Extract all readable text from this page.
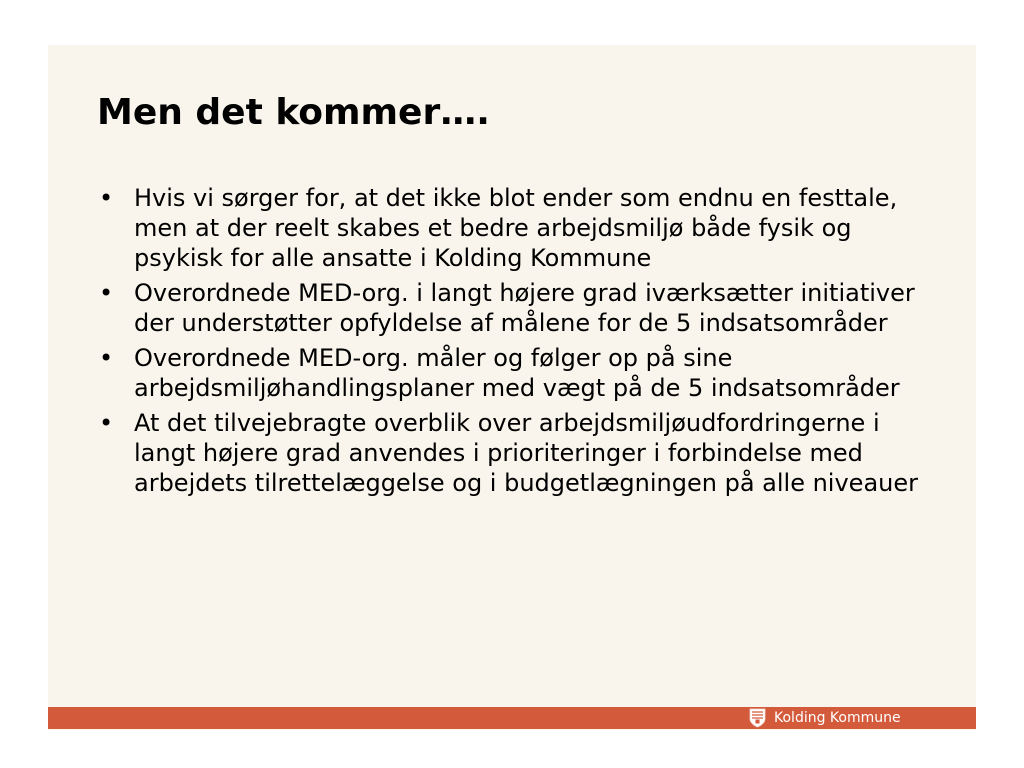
Men det kommer….
• Hvis vi sørger for, at det ikke blot ender som endnu en festtale, men at der reelt skabes et bedre arbejdsmiljø både fysik og psykisk for alle ansatte i Kolding Kommune
• Overordnede MED-org. i langt højere grad iværksætter initiativer der understøtter opfyldelse af målene for de 5 indsatsområder
• Overordnede MED-org. måler og følger op på sine arbejdsmiljøhandlingsplaner med vægt på de 5 indsatsområder
• At det tilvejebragte overblik over arbejdsmiljøudfordringerne i langt højere grad anvendes i prioriteringer i forbindelse med arbejdets tilrettelæggelse og i budgetlægningen på alle niveauer
Kolding Kommune
